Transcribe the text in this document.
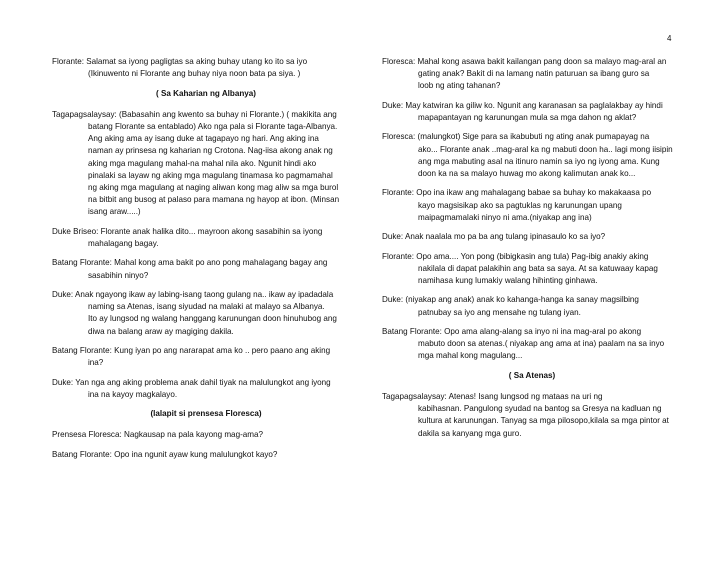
4
Florante: Salamat sa iyong pagligtas sa aking buhay utang ko ito sa iyo
(Ikinuwento ni Florante ang buhay niya noon bata pa siya. )
( Sa Kaharian ng Albanya)
Tagapagsalaysay: (Babasahin ang kwento sa buhay ni Florante.) ( makikita ang
batang Florante sa entablado) Ako nga pala si Florante taga-Albanya.
Ang aking ama ay isang duke at tagapayo ng hari. Ang aking ina
naman ay prinsesa ng kaharian ng Crotona. Nag-iisa akong anak ng
aking mga magulang mahal-na mahal nila ako. Ngunit hindi ako
pinalaki sa layaw ng aking mga magulang tinamasa ko pagmamahal
ng aking mga magulang at naging aliwan kong mag aliw sa mga burol
na bitbit ang busog at palaso para mamana ng hayop at ibon. (Minsan
isang araw.....)
Duke Briseo: Florante anak halika dito... mayroon akong sasabihin sa iyong
mahalagang bagay.
Batang Florante: Mahal kong ama bakit po ano pong mahalagang bagay ang
sasabihin ninyo?
Duke: Anak ngayong ikaw ay labing-isang taong gulang na.. ikaw ay ipadadala
naming sa Atenas, isang siyudad na malaki at malayo sa Albanya.
Ito ay lungsod ng walang hanggang karunungan doon hinuhubog ang
diwa na balang araw ay magiging dakila.
Batang Florante: Kung iyan po ang nararapat ama ko .. pero paano ang aking
ina?
Duke: Yan nga ang aking problema anak dahil tiyak na malulungkot ang iyong
ina na kayoy magkalayo.
(lalapit si prensesa Floresca)
Prensesa Floresca: Nagkausap na pala kayong mag-ama?
Batang Florante: Opo ina ngunit ayaw kung malulungkot kayo?
Floresca: Mahal kong asawa bakit kailangan pang doon sa malayo mag-aral an
gating anak? Bakit di na lamang natin paturuan sa ibang guro sa
loob ng ating tahanan?
Duke: May katwiran ka giliw ko. Ngunit ang karanasan sa paglalakbay ay hindi
mapapantayan ng karunungan mula sa mga dahon ng aklat?
Floresca: (malungkot) Sige para sa ikabubuti ng ating anak pumapayag na
ako... Florante anak ..mag-aral ka ng mabuti doon ha.. lagi mong iisipin
ang mga mabuting asal na itinuro namin sa iyo ng iyong ama. Kung
doon ka na sa malayo huwag mo akong kalimutan anak ko...
Florante: Opo ina ikaw ang mahalagang babae sa buhay ko makakaasa po
kayo magsisikap ako sa pagtuklas ng karunungan upang
maipagmamalaki ninyo ni ama.(niyakap ang ina)
Duke: Anak naalala mo pa ba ang tulang ipinasaulo ko sa iyo?
Florante: Opo ama.... Yon pong (bibigkasin ang tula) Pag-ibig anakiy aking
nakilala di dapat palakihin ang bata sa saya. At sa katuwaay kapag
namihasa kung lumakiy walang hihinting ginhawa.
Duke: (niyakap ang anak) anak ko kahanga-hanga ka sanay magsilbing
patnubay sa iyo ang mensahe ng tulang iyan.
Batang Florante: Opo ama alang-alang sa inyo ni ina mag-aral po akong
mabuto doon sa atenas.( niyakap ang ama at ina) paalam na sa inyo
mga mahal kong magulang...
( Sa Atenas)
Tagapagsalaysay: Atenas! Isang lungsod ng mataas na uri ng
kabihasnan. Pangulong syudad na bantog sa Gresya na kadluan ng
kultura at karunungan. Tanyag sa mga pilosopo,kilala sa mga pintor at
dakila sa kanyang mga guro.
